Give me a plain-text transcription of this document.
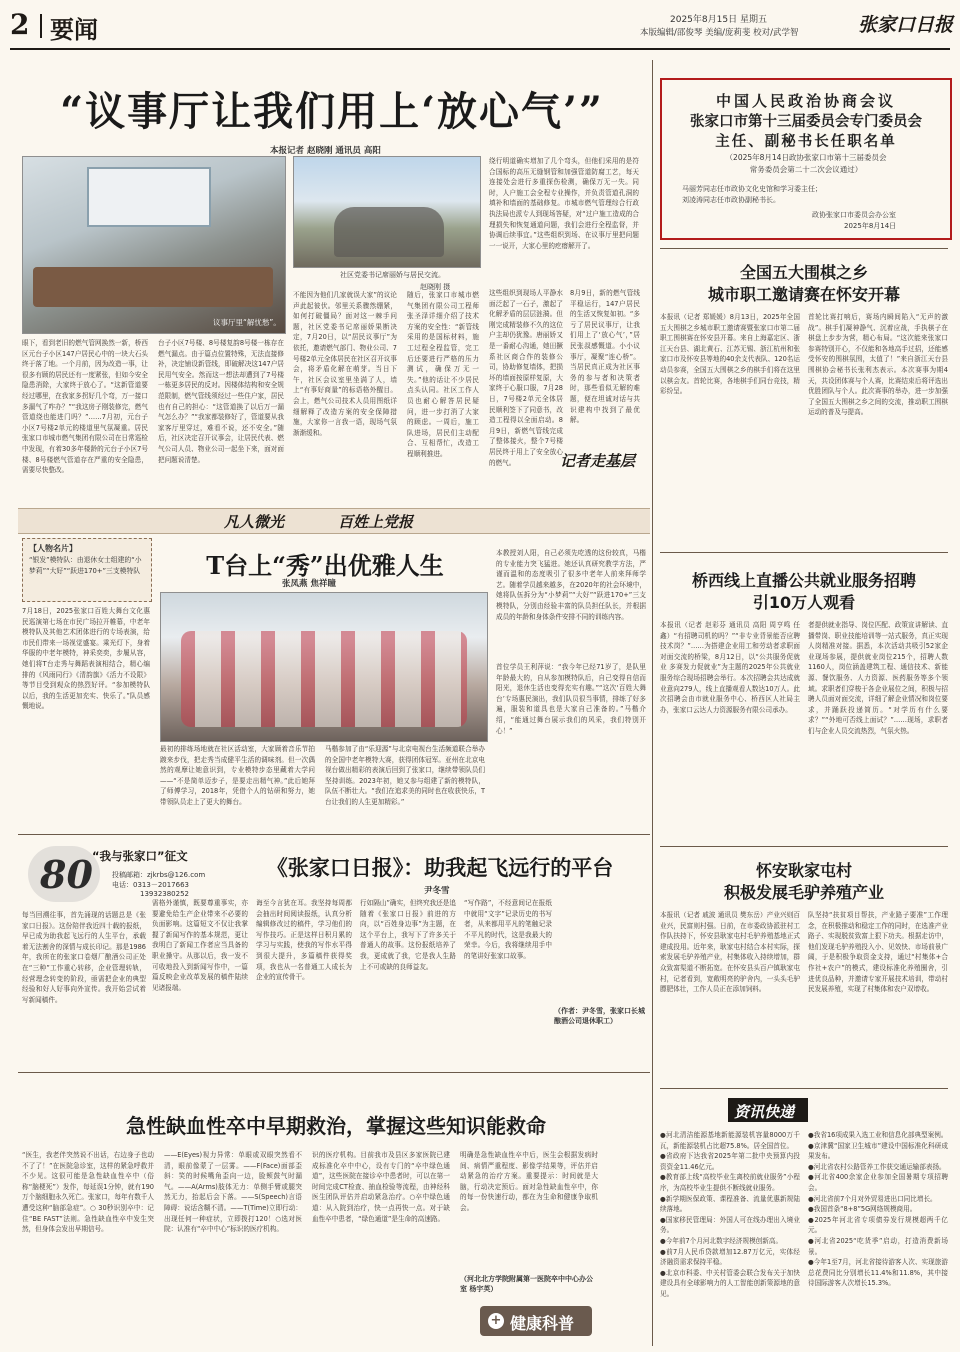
2 要闻	2025年8月15日 星期五
本版编辑/邵俊琴 美编/庞莉斐 校对/武学智	张家口日报
“议事厅让我们用上‘放心气’”
本报记者 赵晓刚 通讯员 高阳
议事厅里“解忧愁”。
社区党委书记席丽娇与居民交流。
赵晓刚 摄
眼下，看到老旧的燃气管网换然一新，桥西区元台子小区147户居民心中的一块大石头终于落了地。一个月前，因为改造一事，让很多有顾的居民还有一度紧张，但如今安全隐患消除，大家终于放心了。“这新管道要经过哪里，在我家多拐好几个弯，万一接口多漏气了咋办？”“我这房子刚装修完，燃气管道绕也能进门吗？”……7月初，元台子小区7号楼2单元的楼道里气氛凝重。居民张家口市城市燃气集团有限公司在日常巡检中发现，有着30多年楼龄的元台子小区7号楼、8号楼燃气管道存在严重的安全隐患，需要尽快整改。
台子小区7号楼、8号楼复韵8号楼一栋存在燃气漏点。由于篇点位置特殊，无法直接修补，决定铺设新管线，即破解决这147户居民用气安全。然而这一想法却遭到了7号楼一栋更多居民的反对。因楼体结构和安全规范限制，燃气管线须经过一些住户家，居民也有自己的担心：“这管道换了以后万一漏气怎么办？”“我家都装修好了，管道要从我家客厅里穿过，难看不说，还不安全。”随后，社区决定召开议事会，让居民代表、燃气公司人员、物业公司一起坐下来，面对面把问题说清楚。
不能因为他们几家就误大家”的议论声此起彼伏。邻里关系骤然绷紧，如何打破僵局？面对这一棘手问题，社区党委书记席丽娇果断决定，7月20日，以“居民议事厅”为依托，邀请燃气部门、物业公司、7号楼2单元全体居民在社区召开议事会，将矛盾化解在萌芽。当日下午，社区会议室里坐满了人，墙上“有事好商量”的标语格外醒目。会上，燃气公司技术人员用图纸详细解释了改造方案的安全保障措施，大家你一言我一语，现场气氛渐渐缓和。
随后，张家口市城市燃气集团有限公司工程师张圣泽详细介绍了技术方案的安全性：“新管线采用的是国标材料，施工过程全程监管，完工后还要进行严格的压力测试，确保万无一失。”他的话让不少居民点头认同。社区工作人员也耐心解答居民疑问，进一步打消了大家的顾虑。一周后，施工队进场，居民们主动配合、互相帮忙，改造工程顺利推进。
绕行明道确实增加了几个弯头，但他们采用的是符合国标的高压无缝钢管和加强管道防腐工艺，每天连接处会进行多重探伤检测，确保万无一失。同时，人户施工会全程专业操作，并负责管道孔洞的填补和墙面的基础修复。市城市燃气管理综合行政执法局也派专人到现场答疑，对“过户施工造成的合理损失和恢复通道问题，我们会进行全程监督，并协调后续事宜。”这些组织到场、在议事厅里把问题一一说开，大家心里的疙瘩解开了。
这些组织到现场人平静水面泛起了一石子，激起了化解矛盾的层层涟漪。但刚完成精装修不久的这位户主却仍犹豫。唐丽娇又是一番耐心沟通，她田撅系社区商合作的装修公司，协助修复墙体，把损坏的墙面按原样复原，大家终于心服口服，7月28日，7号楼2单元全体居民顺利签下了同意书，改造工程得以全面启动。8月9日，新燃气管线完成了整体接火，整个7号楼居民终于用上了安全放心的燃气。
8月9日，新的燃气管线平稳运行，147户居民的生活又恢复如初。“多亏了居民议事厅，让我们用上了‘放心气’，”居民张叔感慨道。小小议事厅，凝聚“连心桥”。当居民真正成为社区事务的参与者和决策者时，那些看似无解的难题，便在坦诚对话与共识建构中找到了最优解。
记者走基层
中国人民政治协商会议
张家口市第十三届委员会专门委员会
主任、副秘书长任职名单
（2025年8月14日政协张家口市第十三届委员会
常务委员会第二十二次会议通过）
马丽芳同志任市政协文化史馆和学习委主任；
刘凌涛同志任市政协副秘书长。
政协张家口市委员会办公室
2025年8月14日
全国五大围棋之乡
城市职工邀请赛在怀安开幕
本报讯（记者 郑媛媛）8月13日，2025年全国五大围棋之乡城市职工邀请赛暨张家口市第二届职工围棋赛在怀安县开幕。来自上海嘉定区、浙江天台县、湖北黄石、江苏无锡、浙江杭州和张家口市及怀安县等地的40余支代表队、120名运动员参赛，全国五大围棋之乡的棋手们将在这里以棋会友。首轮比赛，各地棋手们同台竞技，精彩纷呈。
首轮比赛打响后，赛场内瞬间陷入“无声的激战”。棋手们凝神静气、沉着应战，手执棋子在棋盘上步步为营，精心布局。“这次能来张家口参赛特别开心，不仅能和各地高手过招，还能感受怀安的围棋氛围，太值了！”来自浙江天台县围棋协会秘书长张利杰表示。本次赛事为期4天，共设团体赛与个人赛，比赛结束后将评选出优胜团队与个人。此次赛事的举办，进一步加强了全国五大围棋之乡之间的交流，推动职工围棋运动的普及与提高。
桥西线上直播公共就业服务招聘
引10万人观看
本报讯（记者 赵彩芬 通讯员 高阳 周亨鸣 任鑫）“有招聘司机的吗？”“非专业背景能否应聘技术岗？”……为搭建企业用工和劳动者求职面对面交流的桥梁，8月12日，以“公共服务促就业 多赛发力促就业”为主题的2025年公共就业服务综合现场招聘会举行。本次招聘会共达成就业意向279人，线上直播观看人数达10万人。此次招聘会由市就业服务中心、桥西区人社局主办，张家口云达人力资源服务有限公司承办。
者提供就业指导、岗位匹配、政策宣讲解读、直播带岗、职业技能培训等一站式服务，真正实现人岗精准对接。据悉，本次活动共吸引52家企业现场参展，提供就业岗位215个，招聘人数1160人，岗位涵盖建筑工程、通信技术、新能源、餐饮服务、人力资源、医药服务等多个领域。求职者们穿梭于各企业展位之间，积极与招聘人员面对面交流，详细了解企业情况和岗位要求，并踊跃投递简历。“对学历有什么要求？”“外地可否线上面试？”……现场，求职者们与企业人员交流热烈，气氛火热。
怀安耿家屯村
积极发展毛驴养殖产业
本报讯（记者 戚波 通讯员 樊东岳）产业兴则百业兴，民富则村强。日前，在市委政协派驻村工作队扶持下，怀安县耿家屯村毛驴养殖基地正式建成投用。近年来，耿家屯村结合本村实际，探索发展毛驴养殖产业，村集体收入持续增加，群众致富渠道不断拓宽。在怀安县头百户镇耿家屯村，记者看到，宽敞明亮的驴舍内，一头头毛驴膘肥体壮，工作人员正在添加饲料。
队坚持“扶贫项目帮扶，产业路子要准”工作理念，在积极推动和稳定工作的同时，在选准产业路子、实现脱贫致富上狠下功夫。根据走访中，他们发现毛驴养殖投入小、见效快、市场前景广阔，于是积极争取资金支持，通过“村集体+合作社+农户”的模式，建设标准化养殖圈舍，引进优良品种，并邀请专家开展技术培训，带动村民发展养殖，实现了村集体和农户双增收。
凡人微光	百姓上党报
【人物名片】
“银发”模特队：由退休女士组建的“小梦莉”“大好”“跃进170+”三支模特队	T台上“秀”出优雅人生
张凤燕 焦祥瞳
7月18日，2025张家口百姓大舞台文化惠民巡演第七场在市民广场拉开帷幕，中老年模特队及其他艺术团体进行的专场表演，给市民们带来一场视觉盛宴。乘光灯下，身着华服的中老年模特，神采奕奕，步履从容，她们将T台走秀与舞蹈表演相结合，精心编排的《风雨同行》《清韵旗》《活力不设限》等节目受到观众的热烈好评。“参加模特队以后，我的生活更加充实、快乐了。”队员感慨地说。
最初的排练场地就在社区活动室，大家顾着音乐节拍踱来步伐，把走秀当成健平生活的调味剂。但一次偶然的观摩让她意识到，专业模特步态里藏着大学问——“不是简单迈步子，是要走出精气神。”此后她拜了师傅学习，2018年，凭借个人的钻研和努力，她带领队员走上了更大的舞台。
马楷参加了由“乐迎源”与北京电视台生活频道联合举办的全国中老年模特大赛，获得团体冠军。亚州在北京电视台做出精彩的表演后回到了张家口，继续带领队员们坚持训练。2023年初，她又参与组建了新的模特队，队伍不断壮大。“我们在追求美的同时也在收获快乐，T台让我们的人生更加精彩。”
本教授刘人阳，自己必须先吃透的这份较真，马楷的专业能力突飞猛进。她还认真研究教学方法，严谨而温和的态度吸引了很多中老年人前来拜师学艺。随着学员越来越多，在2020年的社会环境中，她将队伍拆分为“小梦莉”“大好”“跃进170+”三支模特队，分别由经验丰富的队员担任队长，并根据成员的年龄和身体条件安排不同的训练内容。
首位学员王利萍说：“我今年已经71岁了，是队里年龄最大的，自从参加模特队后，自己变得自信而阳光，退休生活也变得充实有趣。”“这次‘百姓大舞台’专场惠民演出，我们队员很当事情，排练了好多遍，服装和道具也是大家自己准备的。”马楷介绍，“能通过舞台展示我们的风采，我们特别开心！”
80 “我与张家口”征文
投稿邮箱：zjkrbs@126.com
电话：0313－2017663
13932380252
《张家口日报》：助我起飞远行的平台
尹冬雪
每当回溯往事，首先涌现的话题总是《张家口日报》。这份陪伴我近四十载的报纸，早已成为助我起飞远行的人生平台，承载着无法割舍的深情与成长印记。那是1986年，我所在的张家口卷烟厂酿酒公司正处在“三种”工作重心转移，企业管理转轨，经营理念转变的阶段，亟需把企业的典型经验和好人好事向外宣传。我开始尝试着写新闻稿件。
需格外谨慎，既要尊重事实，亦要避免给生产企业带来不必要的负面影响。这篇短文不仅让我掌握了新闻写作的基本规范，更让我明白了新闻工作者应当具备的职业操守。从那以后，我一发不可收地投入到新闻写作中，一篇篇反映企业改革发展的稿件陆续见诸报端。
诲至今言犹在耳。我坚持每周都会抽出时间阅读报纸，认真分析编辑修改过的稿件，学习他们的写作技巧。正是这样日积月累的学习与实践，使我的写作水平得到很大提升，多篇稿件获得奖项，我也从一名普通工人成长为企业的宣传骨干。
行如隔山”确实，但终究我还是追随着《张家口日报》前进的方向，以“百姓身边事”为主题，在这个平台上，我写下了许多关于普通人的故事。这份报纸培养了我，更成就了我，它是我人生路上不可或缺的良师益友。
“写作路”，不经意间记在报纸中就用“文字”记录历史的书写者，从来都用平凡的笔触记录不平凡的时代，这是我最大的荣幸。今后，我将继续用手中的笔讲好张家口故事。
（作者：尹冬雪，张家口长城酿酒公司退休职工）
急性缺血性卒中早期救治，掌握这些知识能救命
“医生，我老伴突然说不出话，右边身子也动不了了！”在医院急诊室，这样的紧急呼救并不少见。这很可能是急性缺血性卒中（俗称“脑梗死”）发作，每延误1分钟，就有190万个脑细胞永久死亡。张家口，每年有数千人遭受这种“脑部急症”。○ 30秒识别卒中：记住“BE FAST”法则。急性缺血性卒中发生突然，但身体会发出早期信号。
——E(Eyes)视力异常：单眼或双眼突然看不清，眼前像蒙了一层雾。——F(Face)面部歪斜：笑的时候嘴角歪向一边，脸颊鼓气时漏气。——A(Arms)肢体无力：单侧手臂或腿突然无力，抬起后会下落。——S(Speech)言语障碍：说话含糊不清。——T(Time)立即行动：出现任何一种症状，立即拨打120！○选对医院：认准有“卒中中心”标识的医疗机构。
识的医疗机构。目前我市及县区多家医院已建成标准化卒中中心，设有专门的“卒中绿色通道”，这些医院在接诊卒中患者时，可以在第一时间完成CT检查、抽血检验等流程，由神经科医生团队评估并启动紧急治疗。○卒中绿色通道：从入院到治疗，快一点再快一点。对于缺血性卒中患者，“绿色通道”是生命的高速路。
明确是急性缺血性卒中后，医生会根据发病时间、病情严重程度、影像学结果等，评估并启动紧急的治疗方案。重要提示：时间就是大脑，行动决定预后。面对急性缺血性卒中，你的每一份快速行动，都在为生命和健康争取机会。
（河北北方学院附属第一医院卒中中心办公室 杨宇英）
+ 健康科普
资讯快递
●河北清洁能源基地新能源装机容量8000万千瓦，新能源装机占比超75.8%。居全国首位。
●省政府下达我省2025年第二批中央预算内投资资金11.46亿元。
●教育部上线“高校毕业生离校前就业服务”小程序，为高校毕业生提供不断线就业服务。
●新学期医保政策、课程准备、流量优惠新规陆续落地。
●国家移民管理局：外国人可在线办理出入境业务。
●今年前7个月河北数字经济规模创新高。
●前7月人民币贷款增加12.87万亿元，实体经济融资需求保持平稳。
●北京市科委、中关村管委会联合发布关于加快建设具有全球影响力的人工智能创新策源地的意见。
●我省16项成果入选工业和信息化部典型案例。
●京津冀“国家卫生城市”建设中国标准化科研成果发布。
●河北省农村公路管养工作获交通运输部表扬。
●河北省400余家企业参加全国暑期专项招聘会。
●河北省前7个月对外贸易进出口同比增长。
●我国首条“8+8”5G网络规模商用。
●2025年河北省专项债券发行规模超两千亿元。
●河北省2025“吃货季”启动，打造消费新场景。
●今年1至7月，河北省接待游客人次、实现旅游总花费同比分别增长11.4%和11.8%，其中接待国际游客人次增长15.3%。
